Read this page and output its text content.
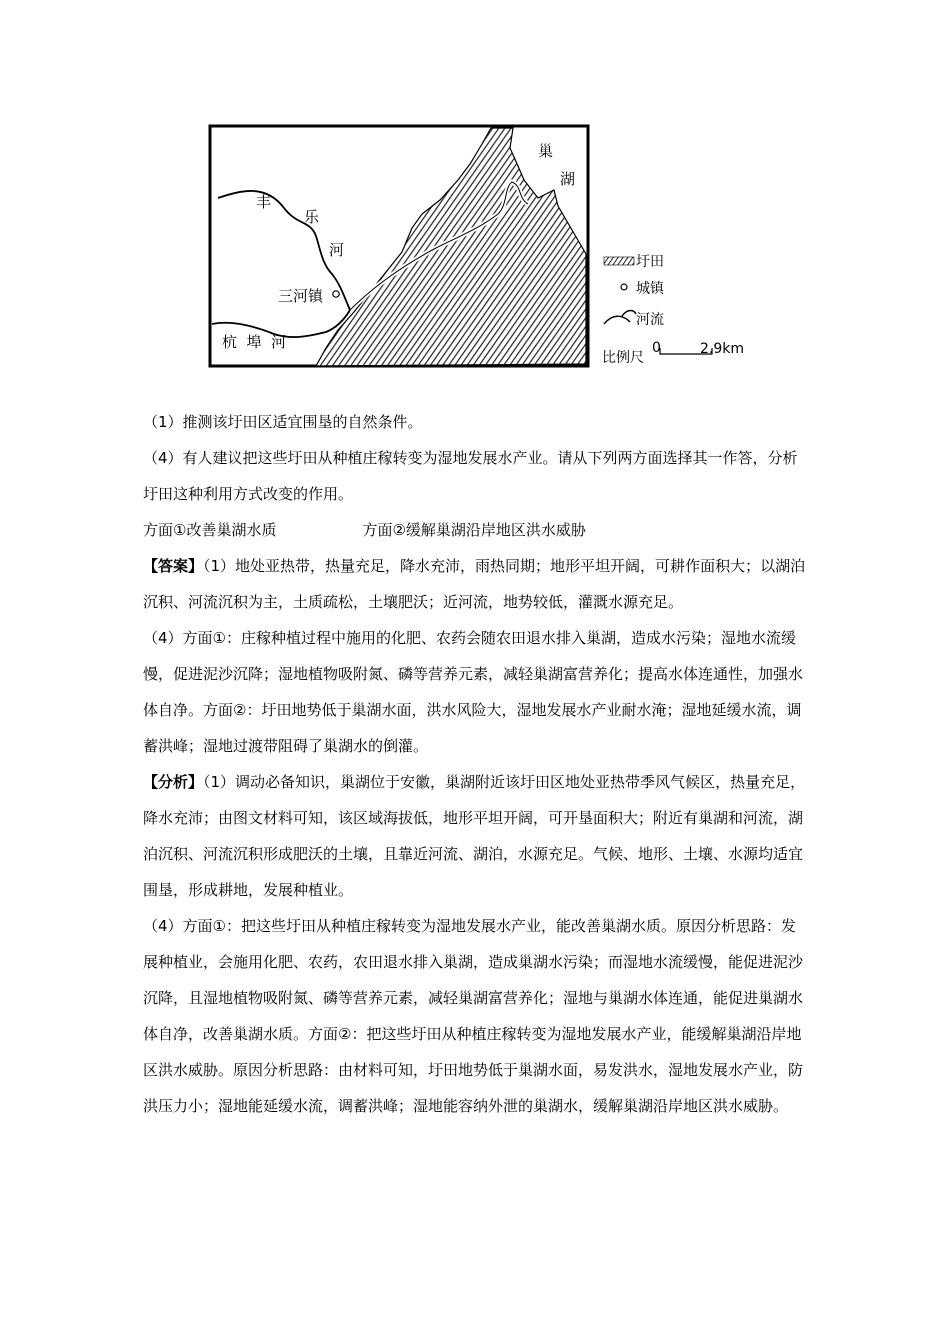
巢
湖
丰
乐
河
三河镇
杭  埠  河
圩田
城镇
河流
比例尺
0	2.9km

（1）推测该圩田区适宜围垦的自然条件。

（4）有人建议把这些圩田从种植庄稼转变为湿地发展水产业。请从下列两方面选择其一作答，分析圩田这种利用方式改变的作用。

方面①改善巢湖水质	方面②缓解巢湖沿岸地区洪水威胁

【答案】（1）地处亚热带，热量充足，降水充沛，雨热同期；地形平坦开阔，可耕作面积大；以湖泊沉积、河流沉积为主，土质疏松，土壤肥沃；近河流，地势较低，灌溉水源充足。

（4）方面①：庄稼种植过程中施用的化肥、农药会随农田退水排入巢湖，造成水污染；湿地水流缓慢，促进泥沙沉降；湿地植物吸附氮、磷等营养元素，减轻巢湖富营养化；提高水体连通性，加强水体自净。方面②：圩田地势低于巢湖水面，洪水风险大，湿地发展水产业耐水淹；湿地延缓水流，调蓄洪峰；湿地过渡带阻碍了巢湖水的倒灌。

【分析】（1）调动必备知识，巢湖位于安徽，巢湖附近该圩田区地处亚热带季风气候区，热量充足，降水充沛；由图文材料可知，该区域海拔低，地形平坦开阔，可开垦面积大；附近有巢湖和河流，湖泊沉积、河流沉积形成肥沃的土壤，且靠近河流、湖泊，水源充足。气候、地形、土壤、水源均适宜围垦，形成耕地，发展种植业。

（4）方面①：把这些圩田从种植庄稼转变为湿地发展水产业，能改善巢湖水质。原因分析思路：发展种植业，会施用化肥、农药，农田退水排入巢湖，造成巢湖水污染；而湿地水流缓慢，能促进泥沙沉降，且湿地植物吸附氮、磷等营养元素，减轻巢湖富营养化；湿地与巢湖水体连通，能促进巢湖水体自净，改善巢湖水质。方面②：把这些圩田从种植庄稼转变为湿地发展水产业，能缓解巢湖沿岸地区洪水威胁。原因分析思路：由材料可知，圩田地势低于巢湖水面，易发洪水，湿地发展水产业，防洪压力小；湿地能延缓水流，调蓄洪峰；湿地能容纳外泄的巢湖水，缓解巢湖沿岸地区洪水威胁。
